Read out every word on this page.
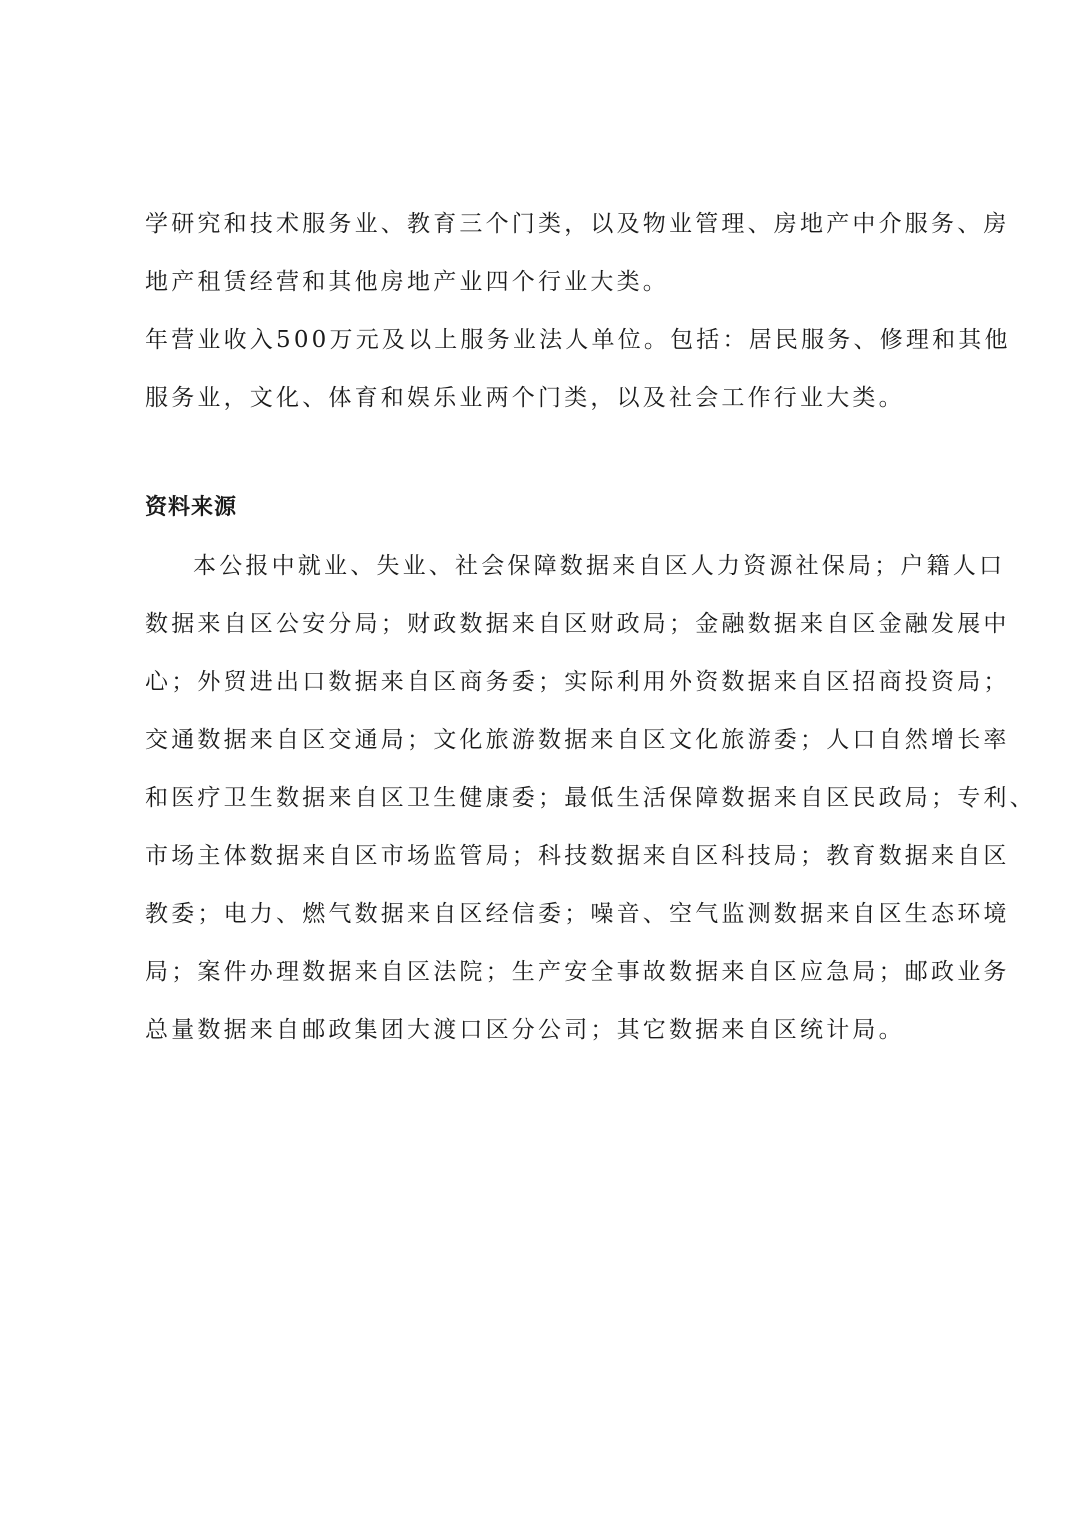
学研究和技术服务业、教育三个门类，以及物业管理、房地产中介服务、房

地产租赁经营和其他房地产业四个行业大类。

年营业收入500万元及以上服务业法人单位。包括：居民服务、修理和其他

服务业，文化、体育和娱乐业两个门类，以及社会工作行业大类。

资料来源

本公报中就业、失业、社会保障数据来自区人力资源社保局；户籍人口

数据来自区公安分局；财政数据来自区财政局；金融数据来自区金融发展中

心；外贸进出口数据来自区商务委；实际利用外资数据来自区招商投资局；

交通数据来自区交通局；文化旅游数据来自区文化旅游委；人口自然增长率

和医疗卫生数据来自区卫生健康委；最低生活保障数据来自区民政局；专利、

市场主体数据来自区市场监管局；科技数据来自区科技局；教育数据来自区

教委；电力、燃气数据来自区经信委；噪音、空气监测数据来自区生态环境

局；案件办理数据来自区法院；生产安全事故数据来自区应急局；邮政业务

总量数据来自邮政集团大渡口区分公司；其它数据来自区统计局。
